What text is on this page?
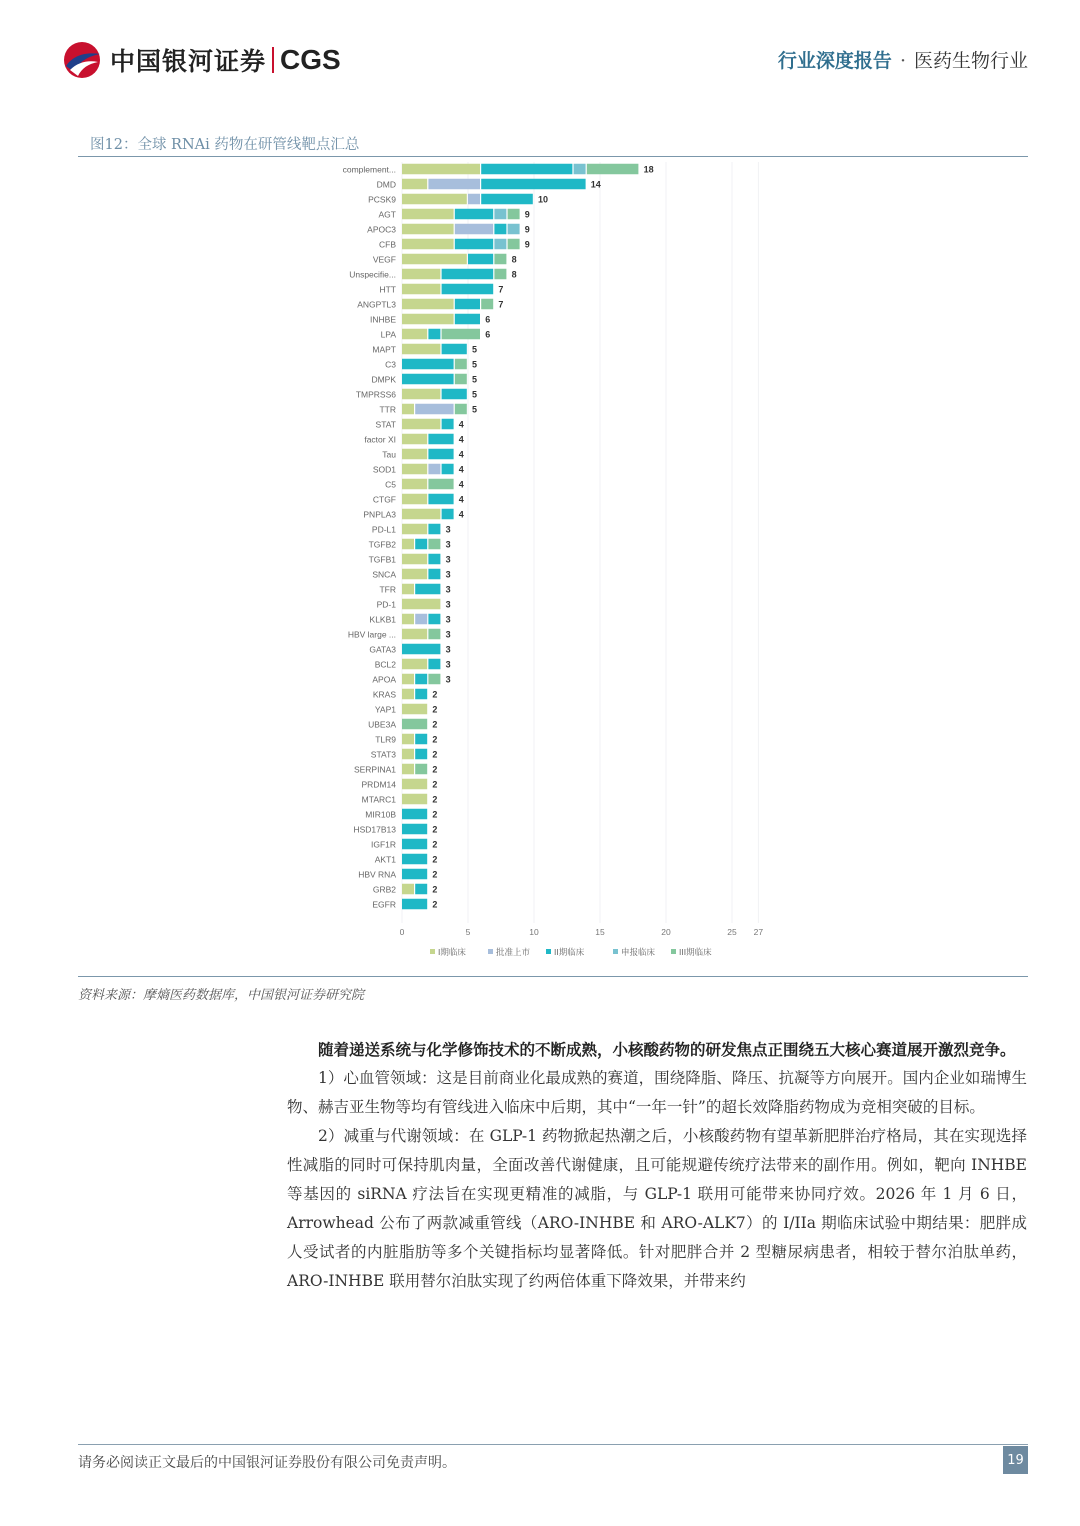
中国银河证券 CGS	行业深度报告 · 医药生物行业
图12：全球 RNAi 药物在研管线靶点汇总
complement...	18
DMD	14
PCSK9	10
AGT	9
APOC3	9
CFB	9
VEGF	8
Unspecifie...	8
HTT	7
ANGPTL3	7
INHBE	6
LPA	6
MAPT	5
C3	5
DMPK	5
TMPRSS6	5
TTR	5
STAT	4
factor XI	4
Tau	4
SOD1	4
C5	4
CTGF	4
PNPLA3	4
PD-L1	3
TGFB2	3
TGFB1	3
SNCA	3
TFR	3
PD-1	3
KLKB1	3
HBV large ...	3
GATA3	3
BCL2	3
APOA	3
KRAS	2
YAP1	2
UBE3A	2
TLR9	2
STAT3	2
SERPINA1	2
PRDM14	2
MTARC1	2
MIR10B	2
HSD17B13	2
IGF1R	2
AKT1	2
HBV RNA	2
GRB2	2
EGFR	2
0	5	10	15	20	25 27
I期临床	批准上市	II期临床	申报临床	III期临床
资料来源：摩熵医药数据库，中国银河证券研究院

随着递送系统与化学修饰技术的不断成熟，小核酸药物的研发焦点正围绕五大核心赛道展开激烈竞争。

1）心血管领域：这是目前商业化最成熟的赛道，围绕降脂、降压、抗凝等方向展开。国内企业如瑞博生物、赫吉亚生物等均有管线进入临床中后期，其中“一年一针”的超长效降脂药物成为竞相突破的目标。

2）减重与代谢领域：在 GLP-1 药物掀起热潮之后，小核酸药物有望革新肥胖治疗格局，其在实现选择性减脂的同时可保持肌肉量，全面改善代谢健康，且可能规避传统疗法带来的副作用。例如，靶向 INHBE 等基因的 siRNA 疗法旨在实现更精准的减脂，与 GLP-1 联用可能带来协同疗效。2026 年 1 月 6 日，Arrowhead 公布了两款减重管线（ARO-INHBE 和 ARO-ALK7）的 I/IIa 期临床试验中期结果：肥胖成人受试者的内脏脂肪等多个关键指标均显著降低。针对肥胖合并 2 型糖尿病患者，相较于替尔泊肽单药，ARO-INHBE 联用替尔泊肽实现了约两倍体重下降效果，并带来约

请务必阅读正文最后的中国银河证券股份有限公司免责声明。	19
